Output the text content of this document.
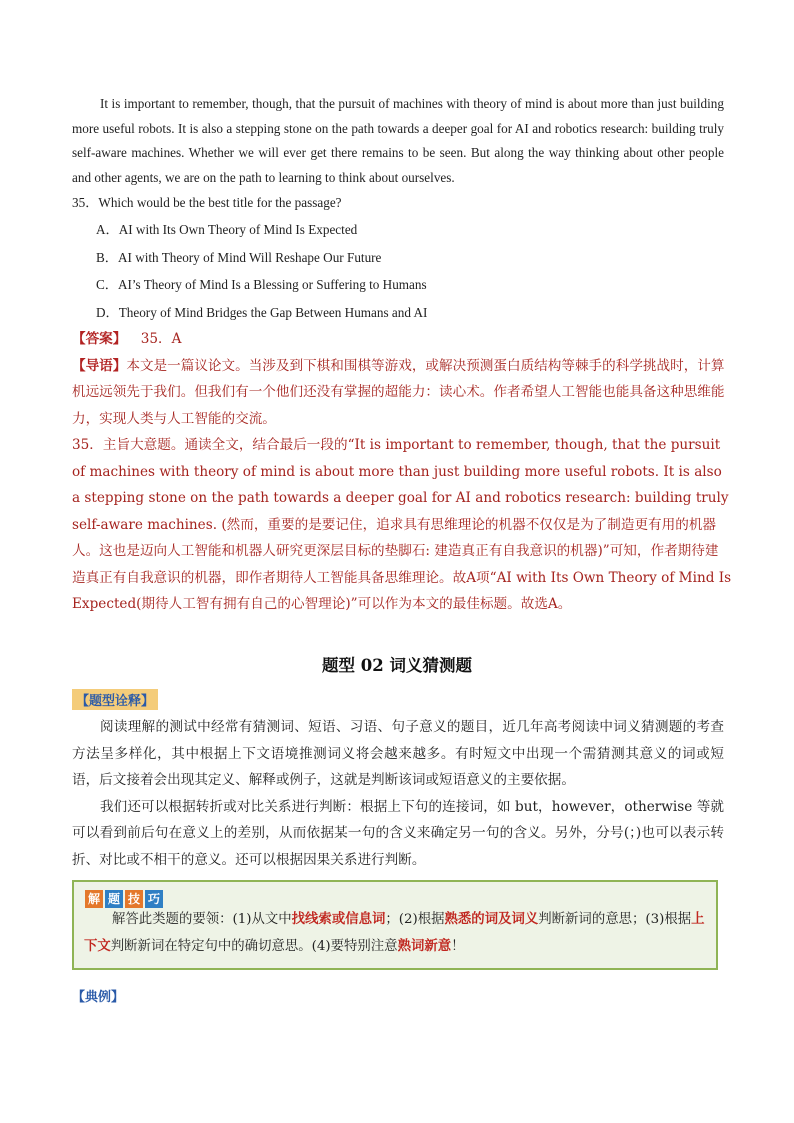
It is important to remember, though, that the pursuit of machines with theory of mind is about more than just building more useful robots. It is also a stepping stone on the path towards a deeper goal for AI and robotics research: building truly self-aware machines. Whether we will ever get there remains to be seen. But along the way thinking about other people and other agents, we are on the path to learning to think about ourselves.

35．Which would be the best title for the passage?

A．AI with Its Own Theory of Mind Is Expected

B．AI with Theory of Mind Will Reshape Our Future

C．AI’s Theory of Mind Is a Blessing or Suffering to Humans

D．Theory of Mind Bridges the Gap Between Humans and AI

【答案】 35．A

【导语】本文是一篇议论文。当涉及到下棋和围棋等游戏，或解决预测蛋白质结构等棘手的科学挑战时，计算机远远领先于我们。但我们有一个他们还没有掌握的超能力：读心术。作者希望人工智能也能具备这种思维能力，实现人类与人工智能的交流。

35．主旨大意题。通读全文，结合最后一段的“It is important to remember, though, that the pursuit of machines with theory of mind is about more than just building more useful robots. It is also a stepping stone on the path towards a deeper goal for AI and robotics research: building truly self-aware machines. (然而，重要的是要记住，追求具有思维理论的机器不仅仅是为了制造更有用的机器人。这也是迈向人工智能和机器人研究更深层目标的垫脚石: 建造真正有自我意识的机器)”可知，作者期待建造真正有自我意识的机器，即作者期待人工智能具备思维理论。故A项“AI with Its Own Theory of Mind Is Expected(期待人工智有拥有自己的心智理论)”可以作为本文的最佳标题。故选A。

题型 02 词义猜测题
【题型诠释】

阅读理解的测试中经常有猜测词、短语、习语、句子意义的题目，近几年高考阅读中词义猜测题的考查方法呈多样化，其中根据上下文语境推测词义将会越来越多。有时短文中出现一个需猜测其意义的词或短语，后文接着会出现其定义、解释或例子，这就是判断该词或短语意义的主要依据。

我们还可以根据转折或对比关系进行判断：根据上下句的连接词，如 but，however，otherwise 等就可以看到前后句在意义上的差别，从而依据某一句的含义来确定另一句的含义。另外，分号(；)也可以表示转折、对比或不相干的意义。还可以根据因果关系进行判断。

解 题 技 巧

解答此类题的要领：(1)从文中找线索或信息词；(2)根据熟悉的词及词义判断新词的意思；(3)根据上下文判断新词在特定句中的确切意思。(4)要特别注意熟词新意！

【典例】
